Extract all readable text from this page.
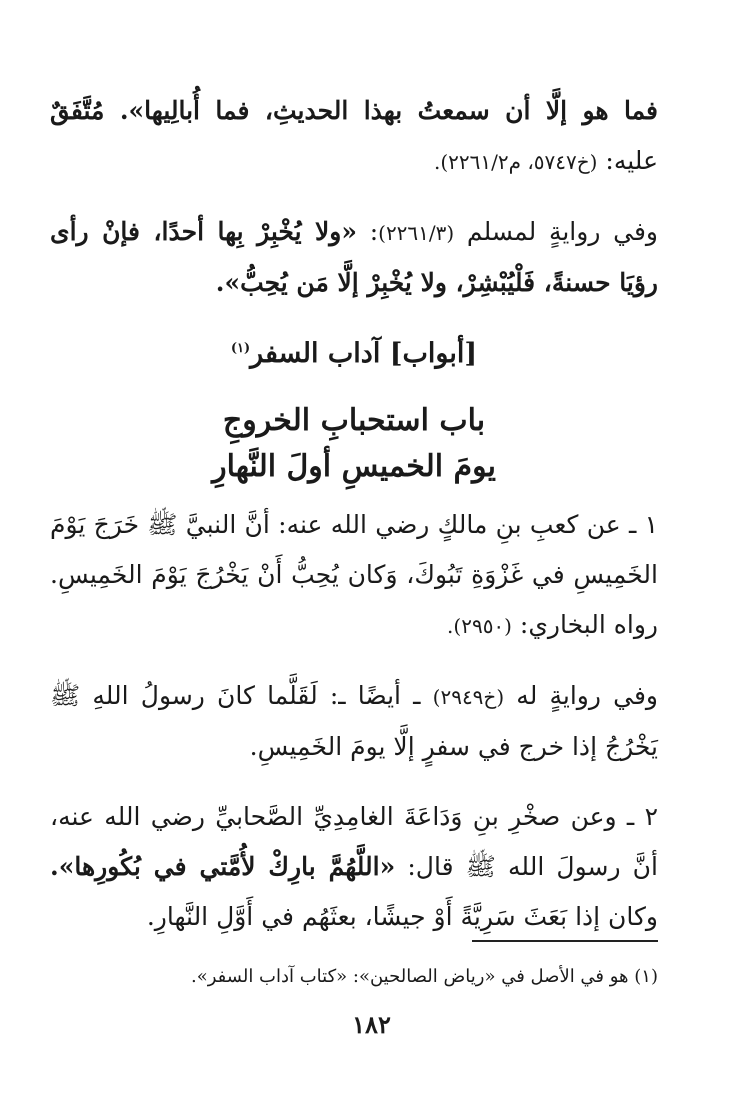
فما هو إلَّا أن سمعتُ بهذا الحديثِ، فما أُبالِيها». مُتَّفَقٌ عليه: (خ٥٧٤٧، م٢٢٦١/٢).

وفي روايةٍ لمسلم (٢٢٦١/٣): «ولا يُخْبِرْ بِها أحدًا، فإنْ رأى رؤيَا حسنةً، فَلْيُبْشِرْ، ولا يُخْبِرْ إلَّا مَن يُحِبُّ».

[أبواب] آداب السفر$^{(١)}$
باب استحبابِ الخروجِ
يومَ الخميسِ أولَ النَّهارِ

١ ـ عن كعبِ بنِ مالكٍ رضي الله عنه: أنَّ النبيَّ ﷺ خَرَجَ يَوْمَ الخَمِيسِ في غَزْوَةِ تَبُوكَ، وَكان يُحِبُّ أَنْ يَخْرُجَ يَوْمَ الخَمِيسِ. رواه البخاري: (٢٩٥٠).

وفي روايةٍ له (خ٢٩٤٩) ـ أيضًا ـ: لَقَلَّما كانَ رسولُ اللهِ ﷺ يَخْرُجُ إذا خرج في سفرٍ إلَّا يومَ الخَمِيسِ.

٢ ـ وعن صخْرِ بنِ وَدَاعَةَ الغامِدِيِّ الصَّحابيِّ رضي الله عنه، أنَّ رسولَ الله ﷺ قال: «اللَّهُمَّ بارِكْ لأُمَّتي في بُكُورِها». وكان إذا بَعَثَ سَرِيَّةً أَوْ جيشًا، بعثَهُم في أَوَّلِ النَّهارِ.

(١) هو في الأصل في «رياض الصالحين»: «كتاب آداب السفر».

١٨٢
